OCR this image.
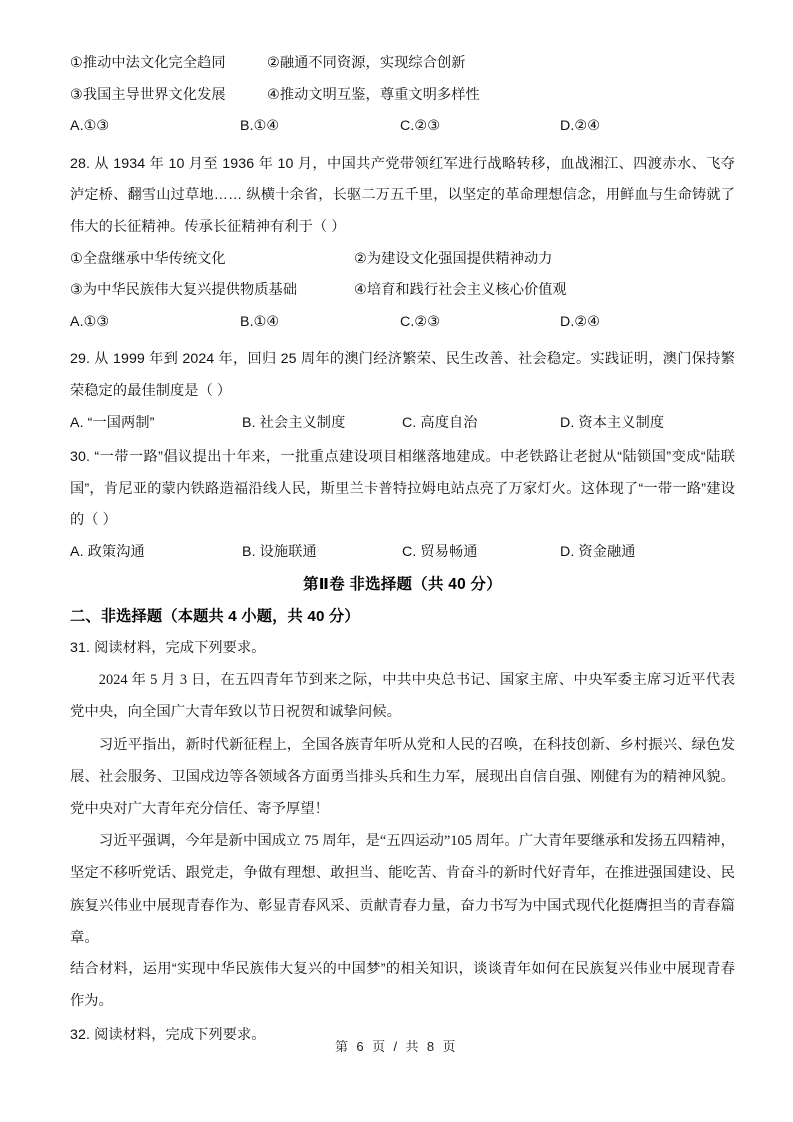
①推动中法文化完全趋同	②融通不同资源，实现综合创新
③我国主导世界文化发展	④推动文明互鉴，尊重文明多样性
A.①③	B.①④	C.②③	D.②④
28. 从 1934 年 10 月至 1936 年 10 月，中国共产党带领红军进行战略转移，血战湘江、四渡赤水、飞夺泸定桥、翻雪山过草地…… 纵横十余省，长驱二万五千里，以坚定的革命理想信念，用鲜血与生命铸就了伟大的长征精神。传承长征精神有利于（ ）
①全盘继承中华传统文化	②为建设文化强国提供精神动力
③为中华民族伟大复兴提供物质基础	④培育和践行社会主义核心价值观
A.①③	B.①④	C.②③	D.②④
29. 从 1999 年到 2024 年，回归 25 周年的澳门经济繁荣、民生改善、社会稳定。实践证明，澳门保持繁荣稳定的最佳制度是（ ）
A. “一国两制”	B. 社会主义制度	C. 高度自治	D. 资本主义制度
30. “一带一路”倡议提出十年来，一批重点建设项目相继落地建成。中老铁路让老挝从“陆锁国”变成“陆联国”，肯尼亚的蒙内铁路造福沿线人民，斯里兰卡普特拉姆电站点亮了万家灯火。这体现了“一带一路”建设的（ ）
A. 政策沟通	B. 设施联通	C. 贸易畅通	D. 资金融通
第Ⅱ卷 非选择题（共 40 分）
二、非选择题（本题共 4 小题，共 40 分）
31. 阅读材料，完成下列要求。
2024 年 5 月 3 日，在五四青年节到来之际，中共中央总书记、国家主席、中央军委主席习近平代表党中央，向全国广大青年致以节日祝贺和诚挚问候。
习近平指出，新时代新征程上，全国各族青年听从党和人民的召唤，在科技创新、乡村振兴、绿色发展、社会服务、卫国戍边等各领域各方面勇当排头兵和生力军，展现出自信自强、刚健有为的精神风貌。党中央对广大青年充分信任、寄予厚望！
习近平强调，今年是新中国成立 75 周年，是“五四运动”105 周年。广大青年要继承和发扬五四精神，坚定不移听党话、跟党走，争做有理想、敢担当、能吃苦、肯奋斗的新时代好青年，在推进强国建设、民族复兴伟业中展现青春作为、彰显青春风采、贡献青春力量，奋力书写为中国式现代化挺膺担当的青春篇章。
结合材料，运用“实现中华民族伟大复兴的中国梦”的相关知识，谈谈青年如何在民族复兴伟业中展现青春作为。
32. 阅读材料，完成下列要求。
第 6 页 / 共 8 页
